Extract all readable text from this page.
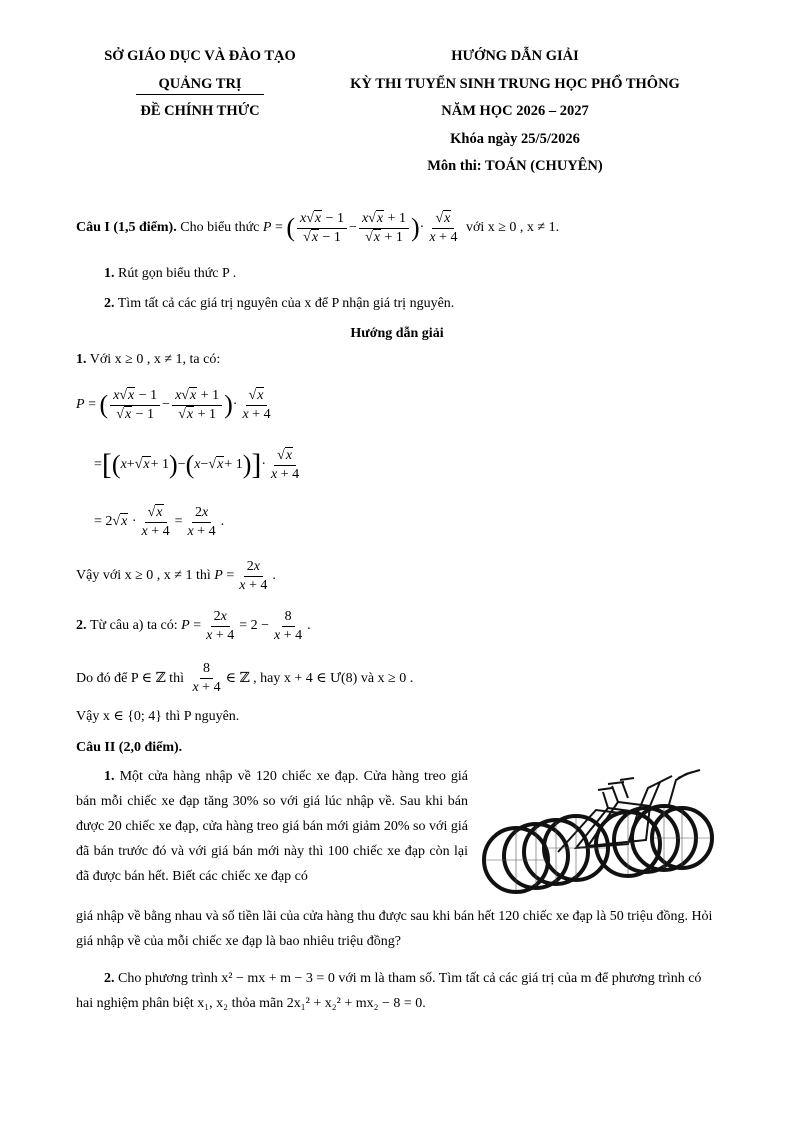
SỞ GIÁO DỤC VÀ ĐÀO TẠO
QUẢNG TRỊ
ĐỀ CHÍNH THỨC
HƯỚNG DẪN GIẢI
KỲ THI TUYỂN SINH TRUNG HỌC PHỔ THÔNG
NĂM HỌC 2026 – 2027
Khóa ngày 25/5/2026
Môn thi: TOÁN (CHUYÊN)
Câu I (1,5 điểm).
Cho biểu thức
P = ( $\frac{x√x - 1}{√x - 1} - \frac{x√x + 1}{√x + 1}$ ) · $\frac{√x}{x + 4}$
với x ≥ 0 , x ≠ 1.
1. Rút gọn biểu thức P .
2. Tìm tất cả các giá trị nguyên của x để P nhận giá trị nguyên.
Hướng dẫn giải
1. Với x ≥ 0 , x ≠ 1, ta có:
P = ( $\frac{x√x - 1}{√x - 1} - \frac{x√x + 1}{√x + 1}$ ) · $\frac{√x}{x + 4}$
= [ ( x + √x + 1 ) − ( x − √x + 1 ) ] · $\frac{√x}{x + 4}$
= 2 $√x \cdot \frac{√x}{x + 4} = \frac{2x}{x + 4}$ .
Vậy với x ≥ 0 , x ≠ 1 thì
$P = \frac{2x}{x + 4}$ .
2.
Từ câu a) ta có:
$P = \frac{2x}{x + 4} = 2 - \frac{8}{x + 4}$ .
Do đó để P ∈ ℤ thì
$\frac{8}{x + 4}$ ∈ ℤ , hay x + 4 ∈ Ư(8) và x ≥ 0 .
Vậy x ∈ {0; 4} thì P nguyên.
Câu II (2,0 điểm).
1. Một cửa hàng nhập về 120 chiếc xe đạp. Cửa hàng treo giá bán mỗi chiếc xe đạp tăng 30% so với giá lúc nhập về. Sau khi bán được 20 chiếc xe đạp, cửa hàng treo giá bán mới giảm 20% so với giá đã bán trước đó và với giá bán mới này thì 100 chiếc xe đạp còn lại đã được bán hết. Biết các chiếc xe đạp có
giá nhập về bằng nhau và số tiền lãi của cửa hàng thu được sau khi bán hết 120 chiếc xe đạp là 50 triệu đồng. Hỏi giá nhập về của mỗi chiếc xe đạp là bao nhiêu triệu đồng?
2. Cho phương trình x² − mx + m − 3 = 0 với m là tham số. Tìm tất cả các giá trị của m để phương trình có hai nghiệm phân biệt x₁, x₂ thỏa mãn 2x₁² + x₂² + mx₂ − 8 = 0.
